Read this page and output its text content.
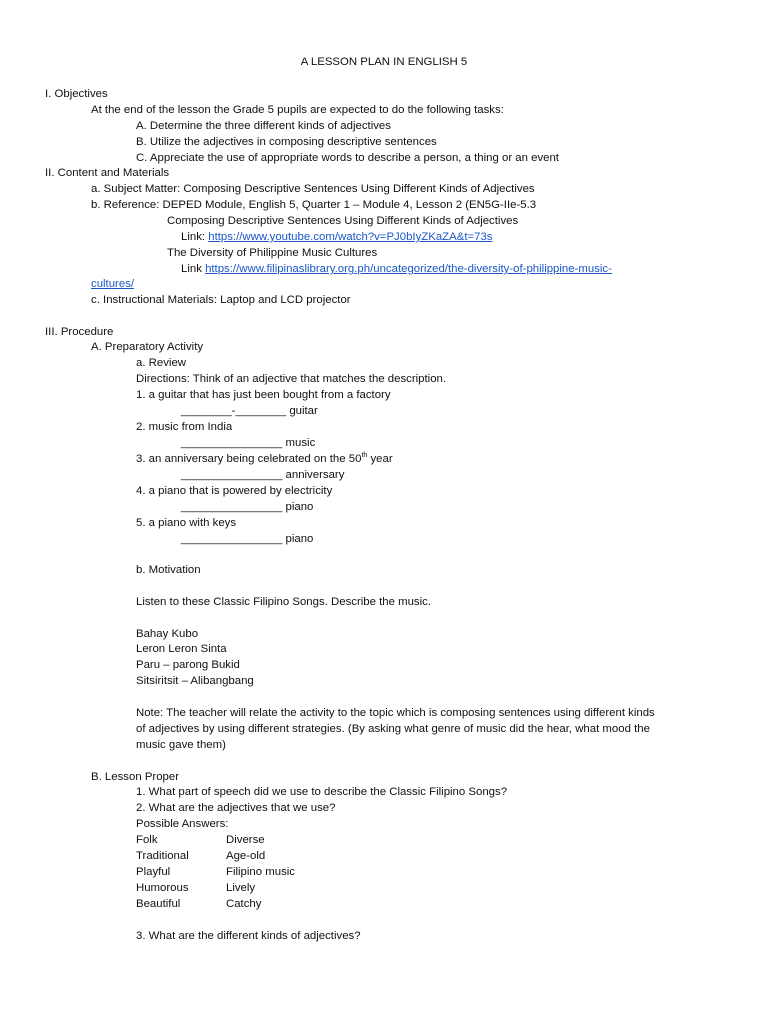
A LESSON PLAN IN ENGLISH 5
I. Objectives
At the end of the lesson the Grade 5 pupils are expected to do the following tasks:
A. Determine the three different kinds of adjectives
B. Utilize the adjectives in composing descriptive sentences
C. Appreciate the use of appropriate words to describe a person, a thing or an event
II. Content and Materials
a. Subject Matter: Composing Descriptive Sentences Using Different Kinds of Adjectives
b. Reference: DEPED Module, English 5, Quarter 1 – Module 4, Lesson 2 (EN5G-IIe-5.3
Composing Descriptive Sentences Using Different Kinds of Adjectives
Link: https://www.youtube.com/watch?v=PJ0bIyZKaZA&t=73s
The Diversity of Philippine Music Cultures
Link https://www.filipinaslibrary.org.ph/uncategorized/the-diversity-of-philippine-music-
cultures/
c. Instructional Materials: Laptop and LCD projector
III. Procedure
A. Preparatory Activity
a. Review
Directions: Think of an adjective that matches the description.
1. a guitar that has just been bought from a factory
________-________ guitar
2. music from India
________________ music
3. an anniversary being celebrated on the 50th year
________________ anniversary
4. a piano that is powered by electricity
________________ piano
5. a piano with keys
________________ piano
b. Motivation
Listen to these Classic Filipino Songs. Describe the music.
Bahay Kubo
Leron Leron Sinta
Paru – parong Bukid
Sitsiritsit – Alibangbang
Note: The teacher will relate the activity to the topic which is composing sentences using different kinds
of adjectives by using different strategies. (By asking what genre of music did the hear, what mood the
music gave them)
B. Lesson Proper
1. What part of speech did we use to describe the Classic Filipino Songs?
2. What are the adjectives that we use?
Possible Answers:
Folk	Diverse
Traditional	Age-old
Playful	Filipino music
Humorous	Lively
Beautiful	Catchy
3. What are the different kinds of adjectives?
